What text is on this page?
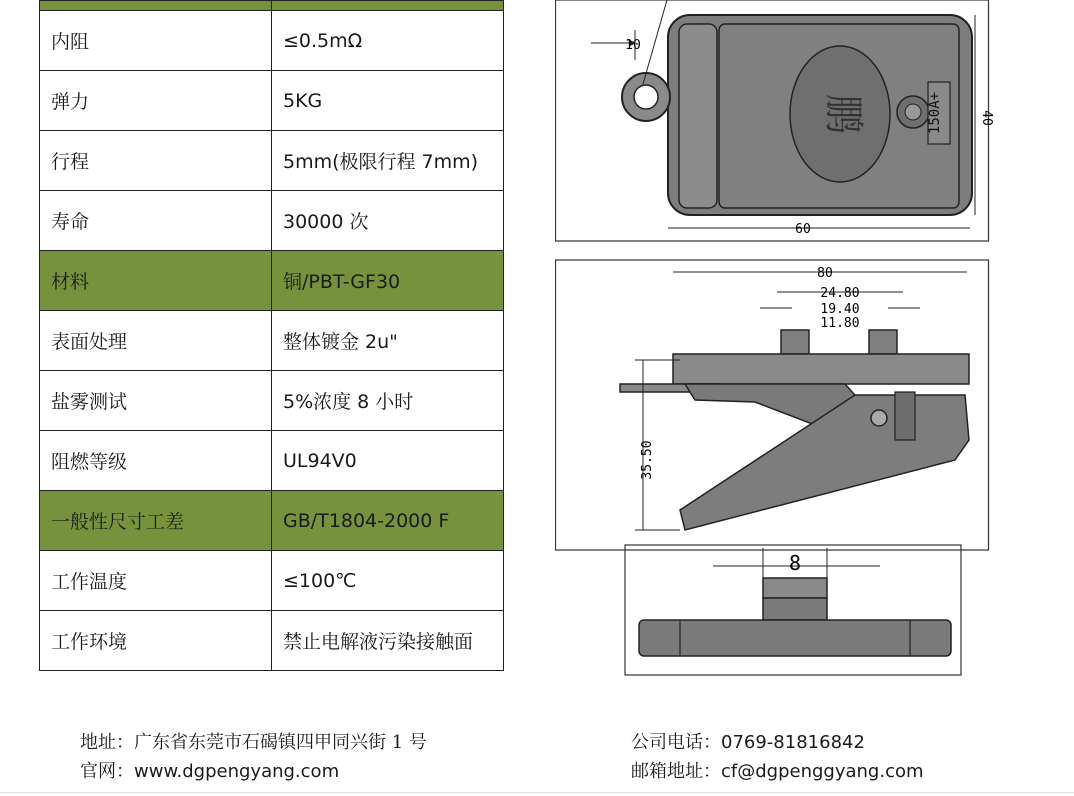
内阻	≤0.5mΩ
弹力	5KG
行程	5mm(极限行程 7mm)
寿命	30000 次
材料	铜/PBT-GF30
表面处理	整体镀金 2u"
盐雾测试	5%浓度 8 小时
阻燃等级	UL94V0
一般性尺寸工差	GB/T1804-2000 F
工作温度	≤100℃
工作环境	禁止电解液污染接触面
鹏	150A+
10
40
60
80
24.80
19.40
11.80
35.50
8
地址：广东省东莞市石碣镇四甲同兴街 1 号
官网：www.dgpengyang.com
公司电话：0769-81816842
邮箱地址：cf@dgpenggyang.com
